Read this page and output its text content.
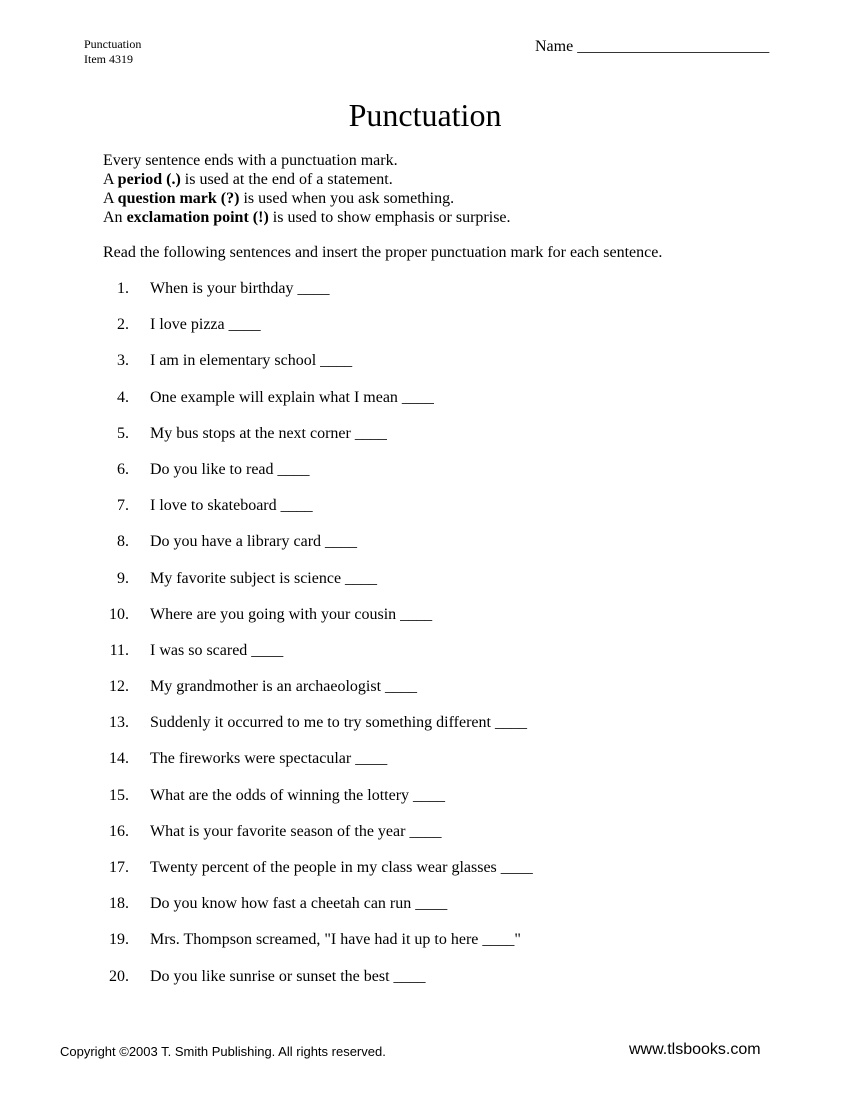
Punctuation
Item 4319
Name ________________________
Punctuation
Every sentence ends with a punctuation mark.
A period (.) is used at the end of a statement.
A question mark (?) is used when you ask something.
An exclamation point (!) is used to show emphasis or surprise.
Read the following sentences and insert the proper punctuation mark for each sentence.
1. When is your birthday ____
2. I love pizza ____
3. I am in elementary school ____
4. One example will explain what I mean ____
5. My bus stops at the next corner ____
6. Do you like to read ____
7. I love to skateboard ____
8. Do you have a library card ____
9. My favorite subject is science ____
10. Where are you going with your cousin ____
11. I was so scared ____
12. My grandmother is an archaeologist ____
13. Suddenly it occurred to me to try something different ____
14. The fireworks were spectacular ____
15. What are the odds of winning the lottery ____
16. What is your favorite season of the year ____
17. Twenty percent of the people in my class wear glasses ____
18. Do you know how fast a cheetah can run ____
19. Mrs. Thompson screamed, "I have had it up to here ____"
20. Do you like sunrise or sunset the best ____
Copyright ©2003 T. Smith Publishing. All rights reserved.	www.tlsbooks.com
